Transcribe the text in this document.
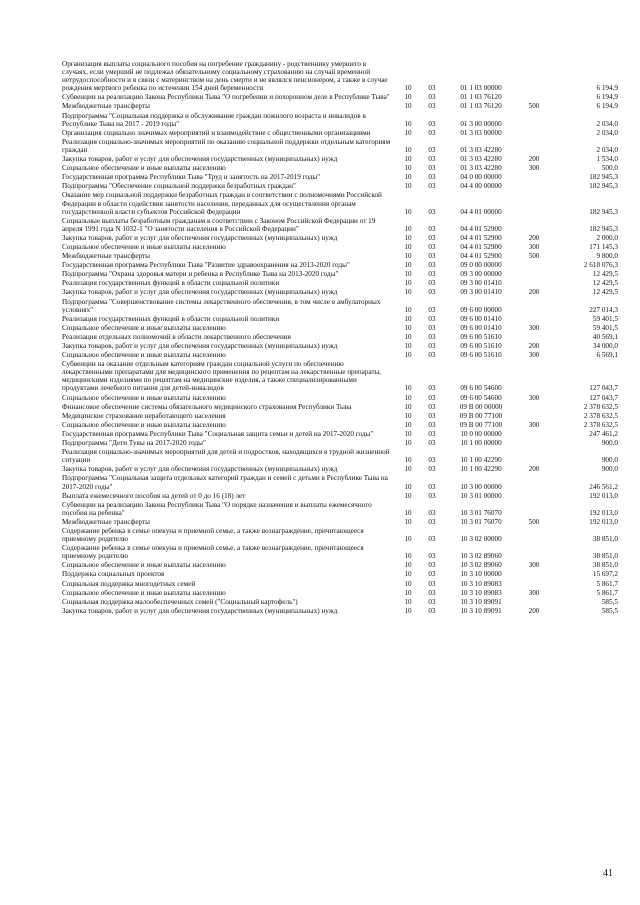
Организация выплаты социального пособия на погребение гражданину - родственнику умершего в случаях, если умерший не подлежал обязательному социальному страхованию на случай временной нетрудоспособности и в связи с материнством на день смерти и не являлся пенсионером, а также в случае рождения мертвого ребенка по истечении 154 дней беременности	10	03	01 1 03 00000		6 194,9
Субвенции на реализацию Закона Республики Тыва "О погребении и похоронном деле в Республике Тыва"	10	03	01 1 03 76120		6 194,9
Межбюджетные трансферты	10	03	01 1 03 76120	500	6 194,9
Подпрограмма "Социальная поддержка и обслуживание граждан пожилого возраста и инвалидов в Республике Тыва на 2017 - 2019 годы"	10	03	01 3 00 00000		2 034,0
Организация социально значимых мероприятий и взаимодействие с общественными организациями	10	03	01 3 03 00000		2 034,0
Реализация социально-значимых мероприятий по оказанию социальной поддержки отдельным категориям граждан	10	03	01 3 03 42280		2 034,0
Закупка товаров, работ и услуг для обеспечения государственных (муниципальных) нужд	10	03	01 3 03 42280	200	1 534,0
Социальное обеспечение и иные выплаты населению	10	03	01 3 03 42280	300	500,0
Государственная программа Республики Тыва "Труд и занятость на 2017-2019 годы"	10	03	04 0 00 00000		182 945,3
Подпрограмма "Обеспечение социальной поддержки безработных граждан"	10	03	04 4 00 00000		182 945,3
Оказание мер социальной поддержки безработных граждан в соответствии с полномочиями Российской Федерации в области содействия занятости населения, переданных для осуществления органам государственной власти субъектов Российской Федерации	10	03	04 4 01 00000		182 945,3
Социальные выплаты безработным гражданам в соответствии с Законом Российской Федерации от 19 апреля 1991 года N 1032-1 "О занятости населения в Российской Федерации"	10	03	04 4 01 52900		182 945,3
Закупка товаров, работ и услуг для обеспечения государственных (муниципальных) нужд	10	03	04 4 01 52900	200	2 000,0
Социальное обеспечение и иные выплаты населению	10	03	04 4 01 52900	300	171 145,3
Межбюджетные трансферты	10	03	04 4 01 52900	500	9 800,0
Государственная программа Республики Тыва "Развитие здравоохранения на 2013-2020 годы"	10	03	09 0 00 00000		2 618 076,3
Подпрограмма "Охрана здоровья матери и ребенка в Республике Тыва на 2013-2020 годы"	10	03	09 3 00 00000		12 429,5
Реализация государственных функций в области социальной политики	10	03	09 3 00 01410		12 429,5
Закупка товаров, работ и услуг для обеспечения государственных (муниципальных) нужд	10	03	09 3 00 01410	200	12 429,5
Подпрограмма "Совершенствование системы лекарственного обеспечения, в том числе в амбулаторных условиях"	10	03	09 6 00 00000		227 014,3
Реализация государственных функций в области социальной политики	10	03	09 6 00 01410		59 401,5
Социальное обеспечение и иные выплаты населению	10	03	09 6 00 01410	300	59 401,5
Реализация отдельных полномочий в области лекарственного обеспечения	10	03	09 6 00 51610		40 569,1
Закупка товаров, работ и услуг для обеспечения государственных (муниципальных) нужд	10	03	09 6 00 51610	200	34 000,0
Социальное обеспечение и иные выплаты населению	10	03	09 6 00 51610	300	6 569,1
Субвенции на оказание отдельным категориям граждан социальной услуги по обеспечению лекарственными препаратами для медицинского применения по рецептам на лекарственные препараты, медицинскими изделиями по рецептам на медицинские изделия, а также специализированными продуктами лечебного питания для детей-инвалидов	10	03	09 6 00 54600		127 043,7
Социальное обеспечение и иные выплаты населению	10	03	09 6 00 54600	300	127 043,7
Финансовое обеспечение системы обязательного медицинского страхования Республики Тыва	10	03	09 В 00 00000		2 378 632,5
Медицинское страхование неработающего населения	10	03	09 В 00 77100		2 378 632,5
Социальное обеспечение и иные выплаты населению	10	03	09 В 00 77100	300	2 378 632,5
Государственная программа Республики Тыва "Социальная защита семьи и детей на 2017-2020 годы"	10	03	10 0 00 00000		247 461,2
Подпрограмма "Дети Тувы на 2017-2020 годы"	10	03	10 1 00 00000		900,0
Реализация социально-значимых мероприятий для детей и подростков, находящихся в трудной жизненной ситуации	10	03	10 1 00 42290		900,0
Закупка товаров, работ и услуг для обеспечения государственных (муниципальных) нужд	10	03	10 1 00 42290	200	900,0
Подпрограмма "Социальная защита отдельных категорий граждан и семей с детьми в Республике Тыва на 2017-2020 годы"	10	03	10 3 00 00000		246 561,2
Выплата ежемесячного пособия на детей от 0 до 16 (18) лет	10	03	10 3 01 00000		192 013,0
Субвенции на реализацию Закона Республики Тыва "О порядке назначения и выплаты ежемесячного пособия на ребенка"	10	03	10 3 01 76070		192 013,0
Межбюджетные трансферты	10	03	10 3 01 76070	500	192 013,0
Содержание ребенка в семье опекуна и приемной семье, а также вознаграждение, причитающееся приемному родителю	10	03	10 3 02 00000		38 851,0
Содержание ребенка в семье опекуна и приемной семье, а также вознаграждение, причитающееся приемному родителю	10	03	10 3 02 89060		38 851,0
Социальное обеспечение и иные выплаты населению	10	03	10 3 02 89060	300	38 851,0
Поддержка социальных проектов	10	03	10 3 10 00000		15 697,2
Социальная поддержка многодетных семей	10	03	10 3 10 89083		5 861,7
Социальное обеспечение и иные выплаты населению	10	03	10 3 10 89083	300	5 861,7
Социальная поддержка малообеспеченных семей ("Социальный картофель")	10	03	10 3 10 89091		585,5
Закупка товаров, работ и услуг для обеспечения государственных (муниципальных) нужд	10	03	10 3 10 89091	200	585,5
41
